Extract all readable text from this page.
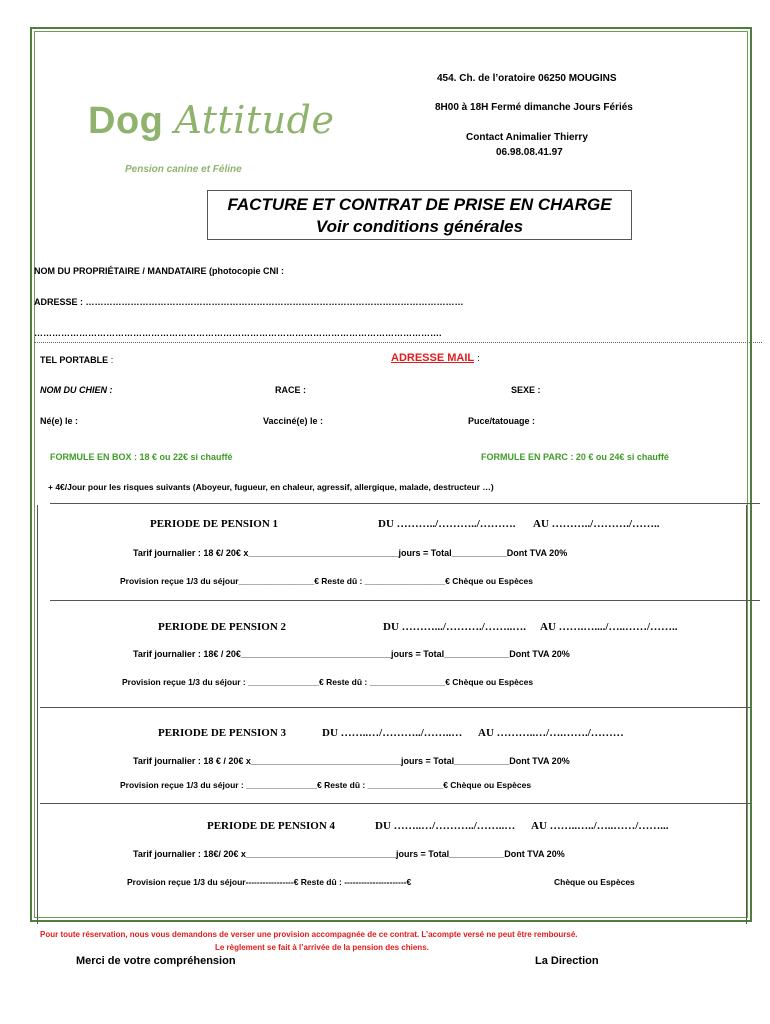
Dog Attitude
Pension canine et Féline
454. Ch. de l’oratoire 06250 MOUGINS
8H00 à 18H Fermé dimanche Jours Fériés
Contact Animalier Thierry
06.98.08.41.97
FACTURE ET CONTRAT DE PRISE EN CHARGE
Voir conditions générales
NOM DU PROPRIÉTAIRE / MANDATAIRE (photocopie CNI :
ADRESSE : ………………………………………………………………………………………………………………
……………………………………………………………………………………………………………………….
TEL PORTABLE :	ADRESSE MAIL :
NOM DU CHIEN :	RACE :	SEXE :
Né(e) le :	Vacciné(e) le :	Puce/tatouage :
FORMULE EN BOX : 18 € ou 22€ si chauffé	FORMULE EN PARC : 20 € ou 24€ si chauffé
+ 4€/Jour pour les risques suivants (Aboyeur, fugueur, en chaleur, agressif, allergique, malade, destructeur …)
PERIODE DE PENSION 1	DU ………../………../………. AU ………../………./……..
Tarif journalier : 18 €/ 20€ x______________________________jours = Total___________Dont TVA 20%
Provision reçue 1/3 du séjour________________€ Reste dû : _________________€ Chèque ou Espèces
PERIODE DE PENSION 2	DU ……….../………./……..…. AU …….…..../…..……/……..
Tarif journalier : 18€ / 20€______________________________jours = Total_____________Dont TVA 20%
Provision reçue 1/3 du séjour : _______________€ Reste dû : ________________€ Chèque ou Espèces
PERIODE DE PENSION 3	DU ……..…/………../……..… AU ………..…/….……./………
Tarif journalier : 18 € / 20€ x______________________________jours = Total___________Dont TVA 20%
Provision reçue 1/3 du séjour : _______________€ Reste dû : ________________€ Chèque ou Espèces
PERIODE DE PENSION 4	DU ……..…/………../……..… AU ……..…../…..……/……...
Tarif journalier : 18€/ 20€ x______________________________jours = Total___________Dont TVA 20%
Provision reçue 1/3 du séjour-----------------€ Reste dû : ----------------------€	Chèque ou Espèces
Pour toute réservation, nous vous demandons de verser une provision accompagnée de ce contrat. L’acompte versé ne peut être remboursé.
Le règlement se fait à l’arrivée de la pension des chiens.
Merci de votre compréhension	La Direction
